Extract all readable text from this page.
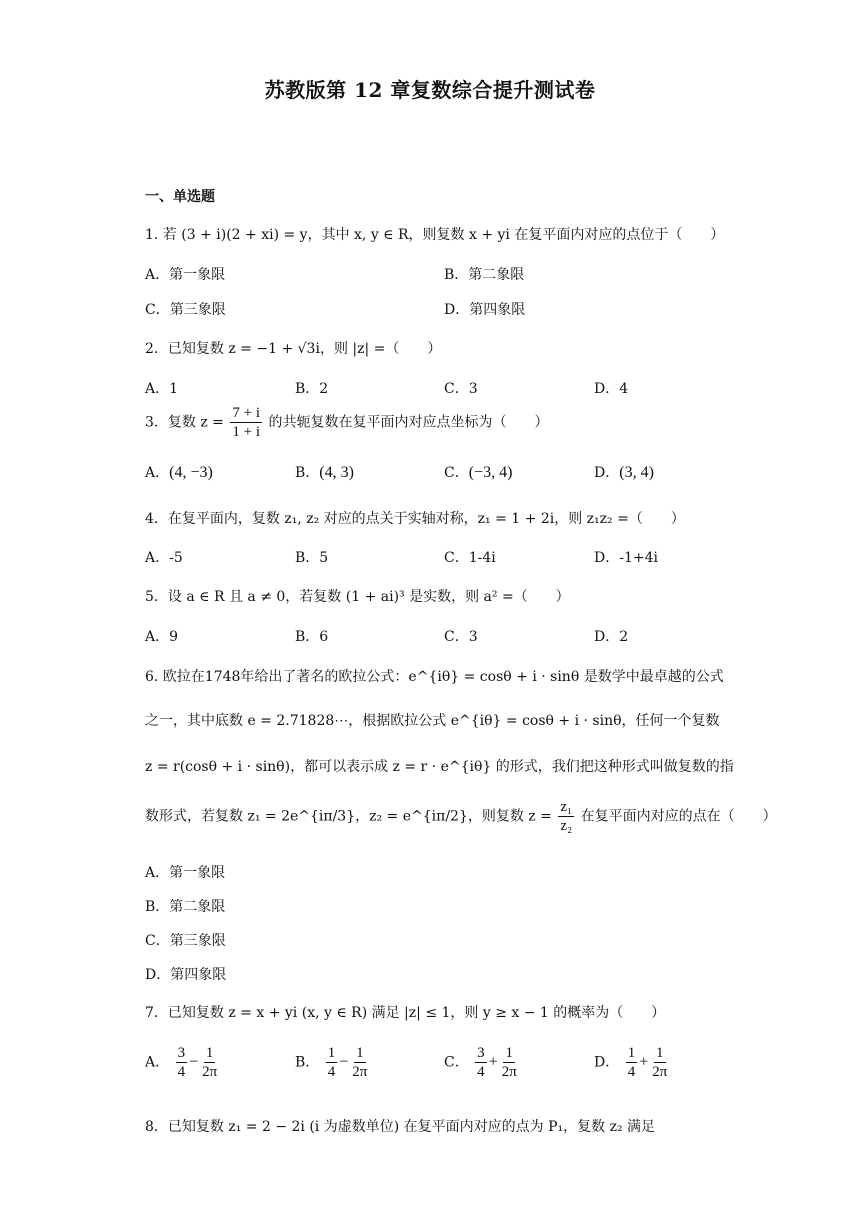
苏教版第 12 章复数综合提升测试卷
一、单选题
1. 若 (3 + i)(2 + xi) = y，其中 x, y ∈ R，则复数 x + yi 在复平面内对应的点位于（　　）
A．第一象限	B．第二象限
C．第三象限	D．第四象限
2．已知复数 z = −1 + √3i，则 |z| =（　　）
A．1	B．2	C．3	D．4
3．复数 $z = \frac{7 + i}{1 + i}$ 的共轭复数在复平面内对应点坐标为（　　）
A．(4, −3)	B．(4, 3)	C．(−3, 4)	D．(3, 4)
4．在复平面内，复数 z₁, z₂ 对应的点关于实轴对称，z₁ = 1 + 2i，则 z₁z₂ =（　　）
A．-5	B．5	C．1-4i	D．-1+4i
5．设 a ∈ R 且 a ≠ 0，若复数 (1 + ai)³ 是实数，则 a² =（　　）
A．9	B．6	C．3	D．2
6. 欧拉在1748年给出了著名的欧拉公式：e^{iθ} = cosθ + i · sinθ 是数学中最卓越的公式
之一，其中底数 e = 2.71828⋯，根据欧拉公式 e^{iθ} = cosθ + i · sinθ，任何一个复数
z = r(cosθ + i · sinθ)，都可以表示成 z = r · e^{iθ} 的形式，我们把这种形式叫做复数的指
数形式，若复数 z₁ = 2e^{iπ/3}，z₂ = e^{iπ/2}，则复数 $z = \frac{\text{z₁}}{\text{z₂}}$ 在复平面内对应的点在（　　）
A．第一象限
B．第二象限
C．第三象限
D．第四象限
7．已知复数 z = x + yi (x, y ∈ R) 满足 |z| ≤ 1，则 y ≥ x − 1 的概率为（　　）
A． $\frac{3}{4} - \frac{1}{2\pi}$	B． $\frac{1}{4} - \frac{1}{2\pi}$	C． $\frac{3}{4} + \frac{1}{2\pi}$	D． $\frac{1}{4} + \frac{1}{2\pi}$
8．已知复数 z₁ = 2 − 2i (i 为虚数单位) 在复平面内对应的点为 P₁，复数 z₂ 满足
